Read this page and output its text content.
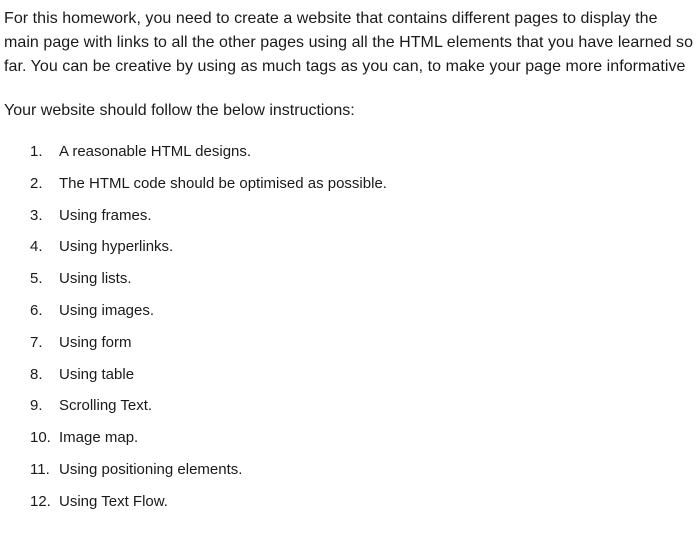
For this homework, you need to create a website that contains different pages to display the
main page with links to all the other pages using all the HTML elements that you have learned so
far. You can be creative by using as much tags as you can, to make your page more informative

Your website should follow the below instructions:

1.	A reasonable HTML designs.
2.	The HTML code should be optimised as possible.
3.	Using frames.
4.	Using hyperlinks.
5.	Using lists.
6.	Using images.
7.	Using form
8.	Using table
9.	Scrolling Text.
10. Image map.
11. Using positioning elements.
12. Using Text Flow.
